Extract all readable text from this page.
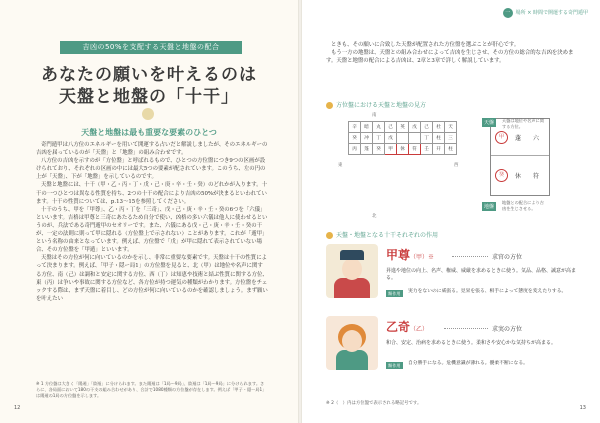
吉凶の50%を支配する天盤と地盤の配合
あなたの願いを叶えるのは
天盤と地盤の「十干」
天盤と地盤は最も重要な要素のひとつ

奇門遁甲は八方位のエネルギーを用いて開運する占いだと解説しましたが、そのエネルギーの吉凶を届っているのが「天盤」と「地盤」の組み合わせです。

八方位の吉凶を示すのが「方位盤」と呼ばれるもので、ひとつの方位盤につき9つの区画が設けられており、それぞれの区画の中には最大5つの要素が配されています。このうち、左の円の上が「天盤」、下が「地盤」を示しているのです。

天盤と地盤には、十干（甲・乙・丙・丁・戊・己・庚・辛・壬・癸）のどれかが入ります。十干の一つひとつは異なる性質を持ち、2つの十干の配合により吉凶の50%が決まるといわれています。十干の性質については、p.13〜15を参照してください。

十干のうち、甲を「甲尊」、乙・丙・丁を「三奇」、戊・己・庚・辛・壬・癸の6つを「六儀」といいます。吉格は甲尊と三奇にあたるため自分で使い、凶格の多い六儀は他人に使わせるというのが、兵法である奇門遁甲のセオリーです。また、六儀にある戊・己・庚・辛・壬・癸の干が、一定の法則に則って甲に隠れる（方位盤上で示されない）ことがあります。これが「遁甲」という名称の由来となっています。例えば、方位盤で「戊」が甲に隠れて表示されていない場合、その方位盤を「甲遁」といいます。

天盤はその方位が何に向いているのかを示し、非常に重要な要素です。天盤は十干の性質によって決まります。例えば、「甲子・隠ー局1」の方位盤を見ると、北（甲）は地位や名声に関する方位、南（己）は調和と安定に関する方位、西（丁）は知恵や技術と結ぶ性質に関する方位、東（丙）は争いや事故に関する方位など、各方位が持つ運気の種類がわかります。方位盤をチェックする際は、まず天盤に着目し、どの方位が何に向いているのかを確認しましょう。まず願いを叶えたい

※ 1 方位盤は大きく「陽遁」「陰遁」に分けられます。また陽遁は「1局〜9局」、陰遁は「1局〜9局」に分けられます。さらに、各局面において180の干支の組み合わせがあり、合計で1080種類の方位盤が存在します。例えば「甲子・隠ー局1」は陽遁の1局の方位盤を示します。
12
一 場所 × 時間で開運する奇門遁甲

ときも、その願いに合致した天盤が配置された方位盤を選ぶことが肝心です。

もう一方の地盤は、天盤との組み合わせによって吉凶を生じさせ、その方位の総合的な吉凶を決めます。天盤と地盤の配合による吉凶は、2章と3章で詳しく解説しています。

方位盤における天盤と地盤の見方
南
北
東	西
辛	暗	丸	己	英	戊	己	杜	天
癸	冲	丁	戊			丁	柱	三
丙	蓬	癸	甲	休	符	壬	开	柱
甲	蓬 六
癸	休 符
天盤	天盤は地位や名声に関する方位。
地盤
地盤との配合により吉凶を生じさせる。
天盤・地盤となる十干それぞれの作用
甲尊（甲）※	求官の方位
昇進や地位の向上、名声、権威、威厳を求めるときに使う。気品、品格、誠意が高まる。
類作用	実力をないのに威張る。見栄を張る、相手によって態度を変えたりする。
乙奇（乙）	求実の方位
和合、安定、治病を求めるときに使う。柔和さや安心かな気持ちが高まる。
類作用	自分勝手になる。危機意識が薄れる。優柔不断になる。
※ 2（　）内は方位盤で表示される略記号です。
13
